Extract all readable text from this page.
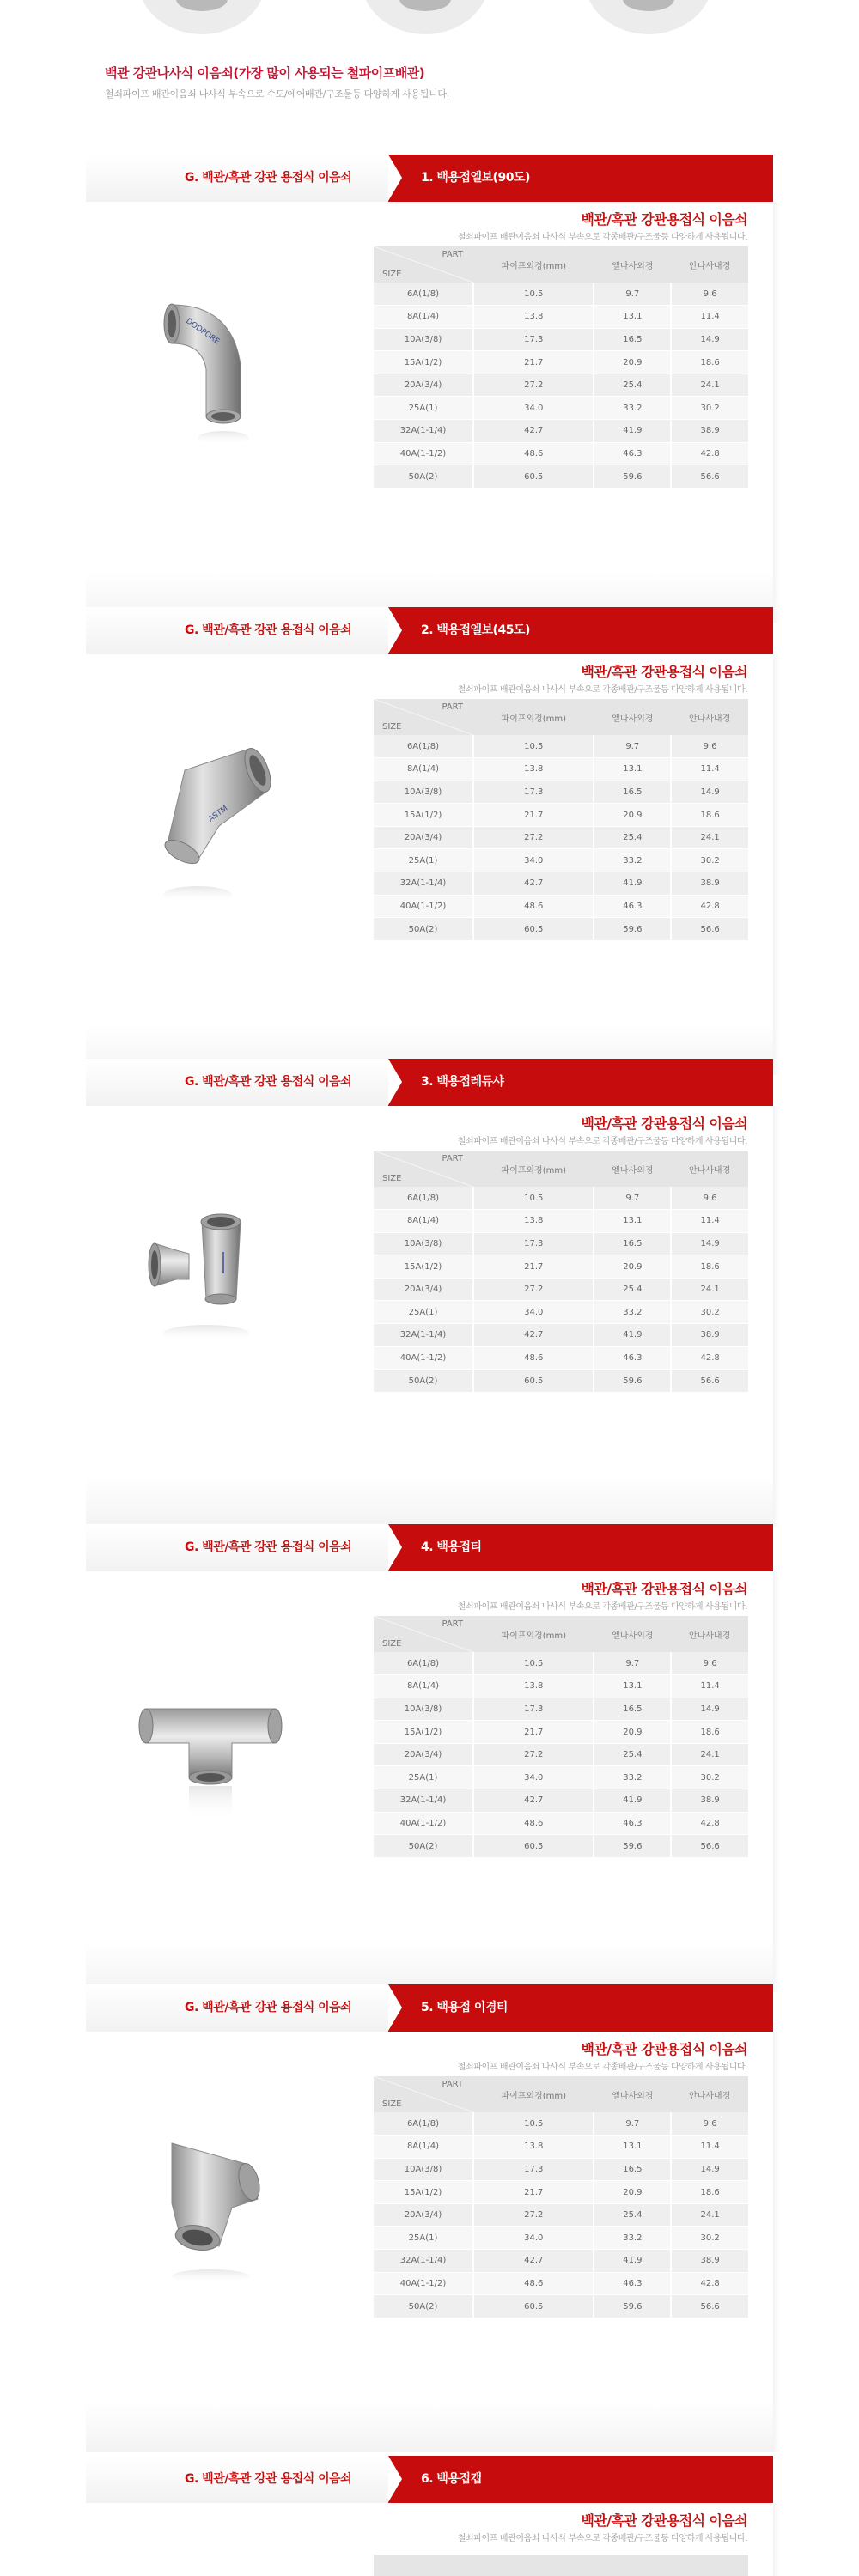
백관 강관나사식 이음쇠(가장 많이 사용되는 철파이프배관)
철쇠파이프 배관이음쇠 나사식 부속으로 수도/에어배관/구조물등 다양하게 사용됩니다.
G. 백관/흑관 강관 용접식 이음쇠	1. 백용접엘보(90도)
백관/흑관 강관용접식 이음쇠
철쇠파이프 배관이음쇠 나사식 부속으로 각종배관/구조물등 다양하게 사용됩니다.
DODPORE
PART
SIZE	파이프외경(mm)	엘나사외경	안나사내경
6A(1/8)	10.5	9.7	9.6
8A(1/4)	13.8	13.1	11.4
10A(3/8)	17.3	16.5	14.9
15A(1/2)	21.7	20.9	18.6
20A(3/4)	27.2	25.4	24.1
25A(1)	34.0	33.2	30.2
32A(1-1/4)	42.7	41.9	38.9
40A(1-1/2)	48.6	46.3	42.8
50A(2)	60.5	59.6	56.6
G. 백관/흑관 강관 용접식 이음쇠	2. 백용접엘보(45도)
백관/흑관 강관용접식 이음쇠
철쇠파이프 배관이음쇠 나사식 부속으로 각종배관/구조물등 다양하게 사용됩니다.
ASTM
PART
SIZE	파이프외경(mm)	엘나사외경	안나사내경
6A(1/8)	10.5	9.7	9.6
8A(1/4)	13.8	13.1	11.4
10A(3/8)	17.3	16.5	14.9
15A(1/2)	21.7	20.9	18.6
20A(3/4)	27.2	25.4	24.1
25A(1)	34.0	33.2	30.2
32A(1-1/4)	42.7	41.9	38.9
40A(1-1/2)	48.6	46.3	42.8
50A(2)	60.5	59.6	56.6
G. 백관/흑관 강관 용접식 이음쇠	3. 백용접레듀샤
백관/흑관 강관용접식 이음쇠
철쇠파이프 배관이음쇠 나사식 부속으로 각종배관/구조물등 다양하게 사용됩니다.
PART
SIZE	파이프외경(mm)	엘나사외경	안나사내경
6A(1/8)	10.5	9.7	9.6
8A(1/4)	13.8	13.1	11.4
10A(3/8)	17.3	16.5	14.9
15A(1/2)	21.7	20.9	18.6
20A(3/4)	27.2	25.4	24.1
25A(1)	34.0	33.2	30.2
32A(1-1/4)	42.7	41.9	38.9
40A(1-1/2)	48.6	46.3	42.8
50A(2)	60.5	59.6	56.6
G. 백관/흑관 강관 용접식 이음쇠	4. 백용접티
백관/흑관 강관용접식 이음쇠
철쇠파이프 배관이음쇠 나사식 부속으로 각종배관/구조물등 다양하게 사용됩니다.
PART
SIZE	파이프외경(mm)	엘나사외경	안나사내경
6A(1/8)	10.5	9.7	9.6
8A(1/4)	13.8	13.1	11.4
10A(3/8)	17.3	16.5	14.9
15A(1/2)	21.7	20.9	18.6
20A(3/4)	27.2	25.4	24.1
25A(1)	34.0	33.2	30.2
32A(1-1/4)	42.7	41.9	38.9
40A(1-1/2)	48.6	46.3	42.8
50A(2)	60.5	59.6	56.6
G. 백관/흑관 강관 용접식 이음쇠	5. 백용접 이경티
백관/흑관 강관용접식 이음쇠
철쇠파이프 배관이음쇠 나사식 부속으로 각종배관/구조물등 다양하게 사용됩니다.
PART
SIZE	파이프외경(mm)	엘나사외경	안나사내경
6A(1/8)	10.5	9.7	9.6
8A(1/4)	13.8	13.1	11.4
10A(3/8)	17.3	16.5	14.9
15A(1/2)	21.7	20.9	18.6
20A(3/4)	27.2	25.4	24.1
25A(1)	34.0	33.2	30.2
32A(1-1/4)	42.7	41.9	38.9
40A(1-1/2)	48.6	46.3	42.8
50A(2)	60.5	59.6	56.6
G. 백관/흑관 강관 용접식 이음쇠	6. 백용접캡
백관/흑관 강관용접식 이음쇠
철쇠파이프 배관이음쇠 나사식 부속으로 각종배관/구조물등 다양하게 사용됩니다.
